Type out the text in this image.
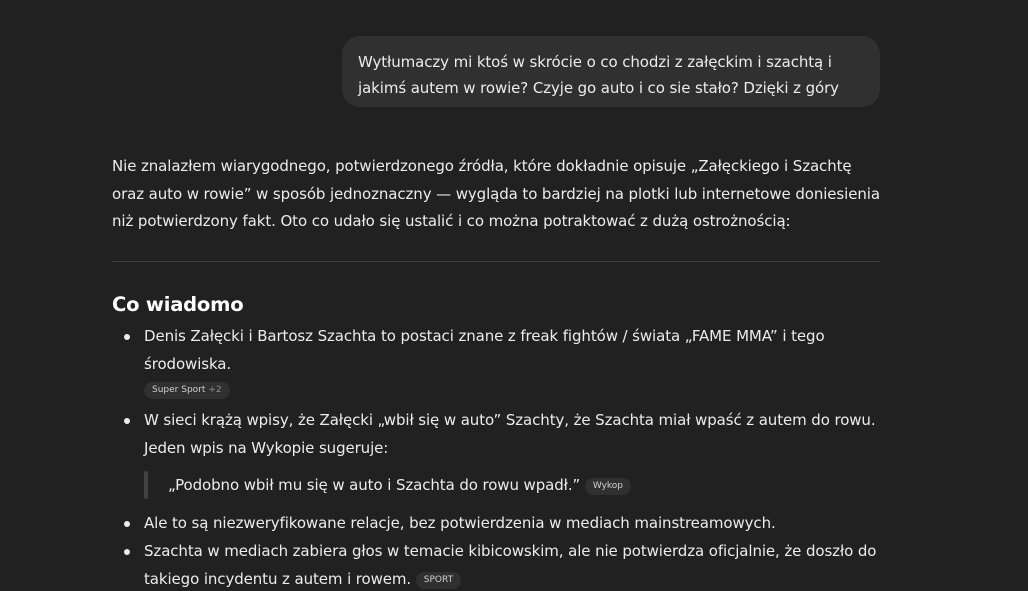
Wytłumaczy mi ktoś w skrócie o co chodzi z załęckim i szachtą i jakimś autem w rowie? Czyje go auto i co sie stało? Dzięki z góry

Nie znalazłem wiarygodnego, potwierdzonego źródła, które dokładnie opisuje „Załęckiego i Szachtę oraz auto w rowie” w sposób jednoznaczny — wygląda to bardziej na plotki lub internetowe doniesienia niż potwierdzony fakt. Oto co udało się ustalić i co można potraktować z dużą ostrożnością:

Co wiadomo
Denis Załęcki i Bartosz Szachta to postaci znane z freak fightów / świata „FAME MMA” i tego środowiska.
Super Sport +2
W sieci krążą wpisy, że Załęcki „wbił się w auto” Szachty, że Szachta miał wpaść z autem do rowu. Jeden wpis na Wykopie sugeruje:
„Podobno wbił mu się w auto i Szachta do rowu wpadł.” Wykop
Ale to są niezweryfikowane relacje, bez potwierdzenia w mediach mainstreamowych.
Szachta w mediach zabiera głos w temacie kibicowskim, ale nie potwierdza oficjalnie, że doszło do takiego incydentu z autem i rowem. SPORT
